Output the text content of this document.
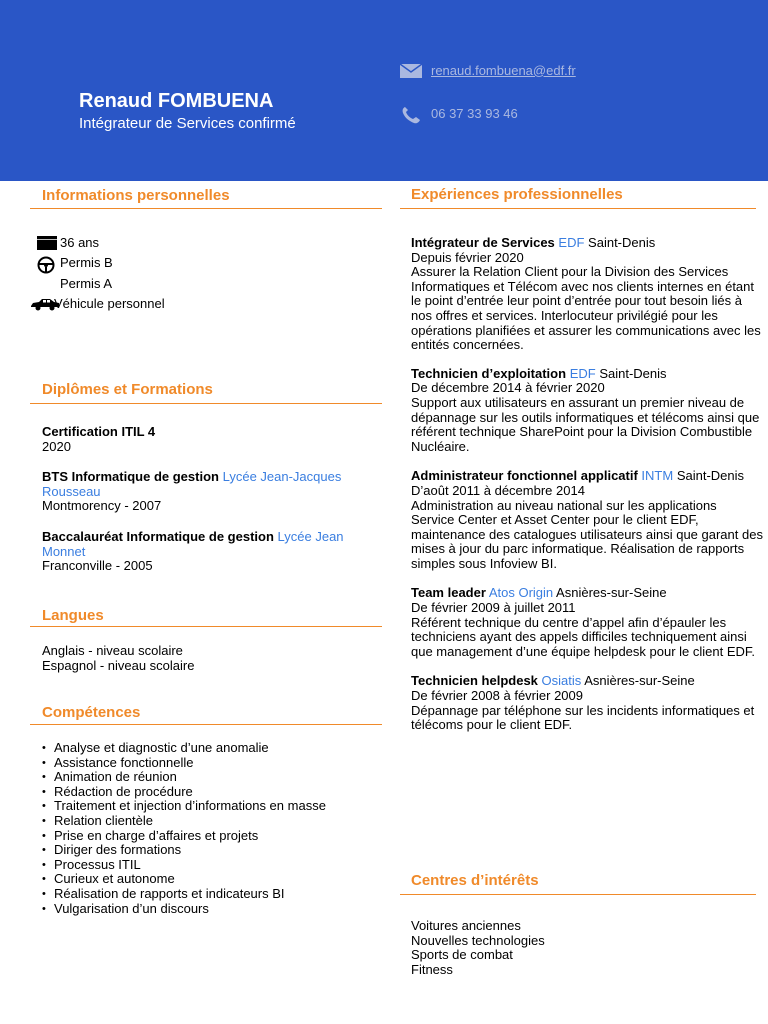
Renaud FOMBUENA
Intégrateur de Services confirmé
renaud.fombuena@edf.fr
06 37 33 93 46
Informations personnelles
36 ans
Permis B
Permis A
Véhicule personnel
Diplômes et Formations

Certification ITIL 4

2020

BTS Informatique de gestion Lycée Jean-Jacques Rousseau

Montmorency - 2007

Baccalauréat Informatique de gestion Lycée Jean Monnet

Franconville - 2005

Langues

Anglais - niveau scolaire

Espagnol - niveau scolaire

Compétences
• Analyse et diagnostic d’une anomalie
• Assistance fonctionnelle
• Animation de réunion
• Rédaction de procédure
• Traitement et injection d’informations en masse
• Relation clientèle
• Prise en charge d’affaires et projets
• Diriger des formations
• Processus ITIL
• Curieux et autonome
• Réalisation de rapports et indicateurs BI
• Vulgarisation d’un discours
Expériences professionnelles

Intégrateur de Services EDF Saint-Denis

Depuis février 2020

Assurer la Relation Client pour la Division des Services Informatiques et Télécom avec nos clients internes en étant le point d’entrée leur point d’entrée pour tout besoin liés à nos offres et services. Interlocuteur privilégié pour les opérations planifiées et assurer les communications avec les entités concernées.

Technicien d’exploitation EDF Saint-Denis

De décembre 2014 à février 2020

Support aux utilisateurs en assurant un premier niveau de dépannage sur les outils informatiques et télécoms ainsi que référent technique SharePoint pour la Division Combustible Nucléaire.

Administrateur fonctionnel applicatif INTM Saint-Denis

D’août 2011 à décembre 2014

Administration au niveau national sur les applications Service Center et Asset Center pour le client EDF, maintenance des catalogues utilisateurs ainsi que garant des mises à jour du parc informatique. Réalisation de rapports simples sous Infoview BI.

Team leader Atos Origin Asnières-sur-Seine

De février 2009 à juillet 2011

Référent technique du centre d’appel afin d’épauler les techniciens ayant des appels difficiles techniquement ainsi que management d’une équipe helpdesk pour le client EDF.

Technicien helpdesk Osiatis Asnières-sur-Seine

De février 2008 à février 2009

Dépannage par téléphone sur les incidents informatiques et télécoms pour le client EDF.

Centres d’intérêts

Voitures anciennes

Nouvelles technologies

Sports de combat

Fitness
